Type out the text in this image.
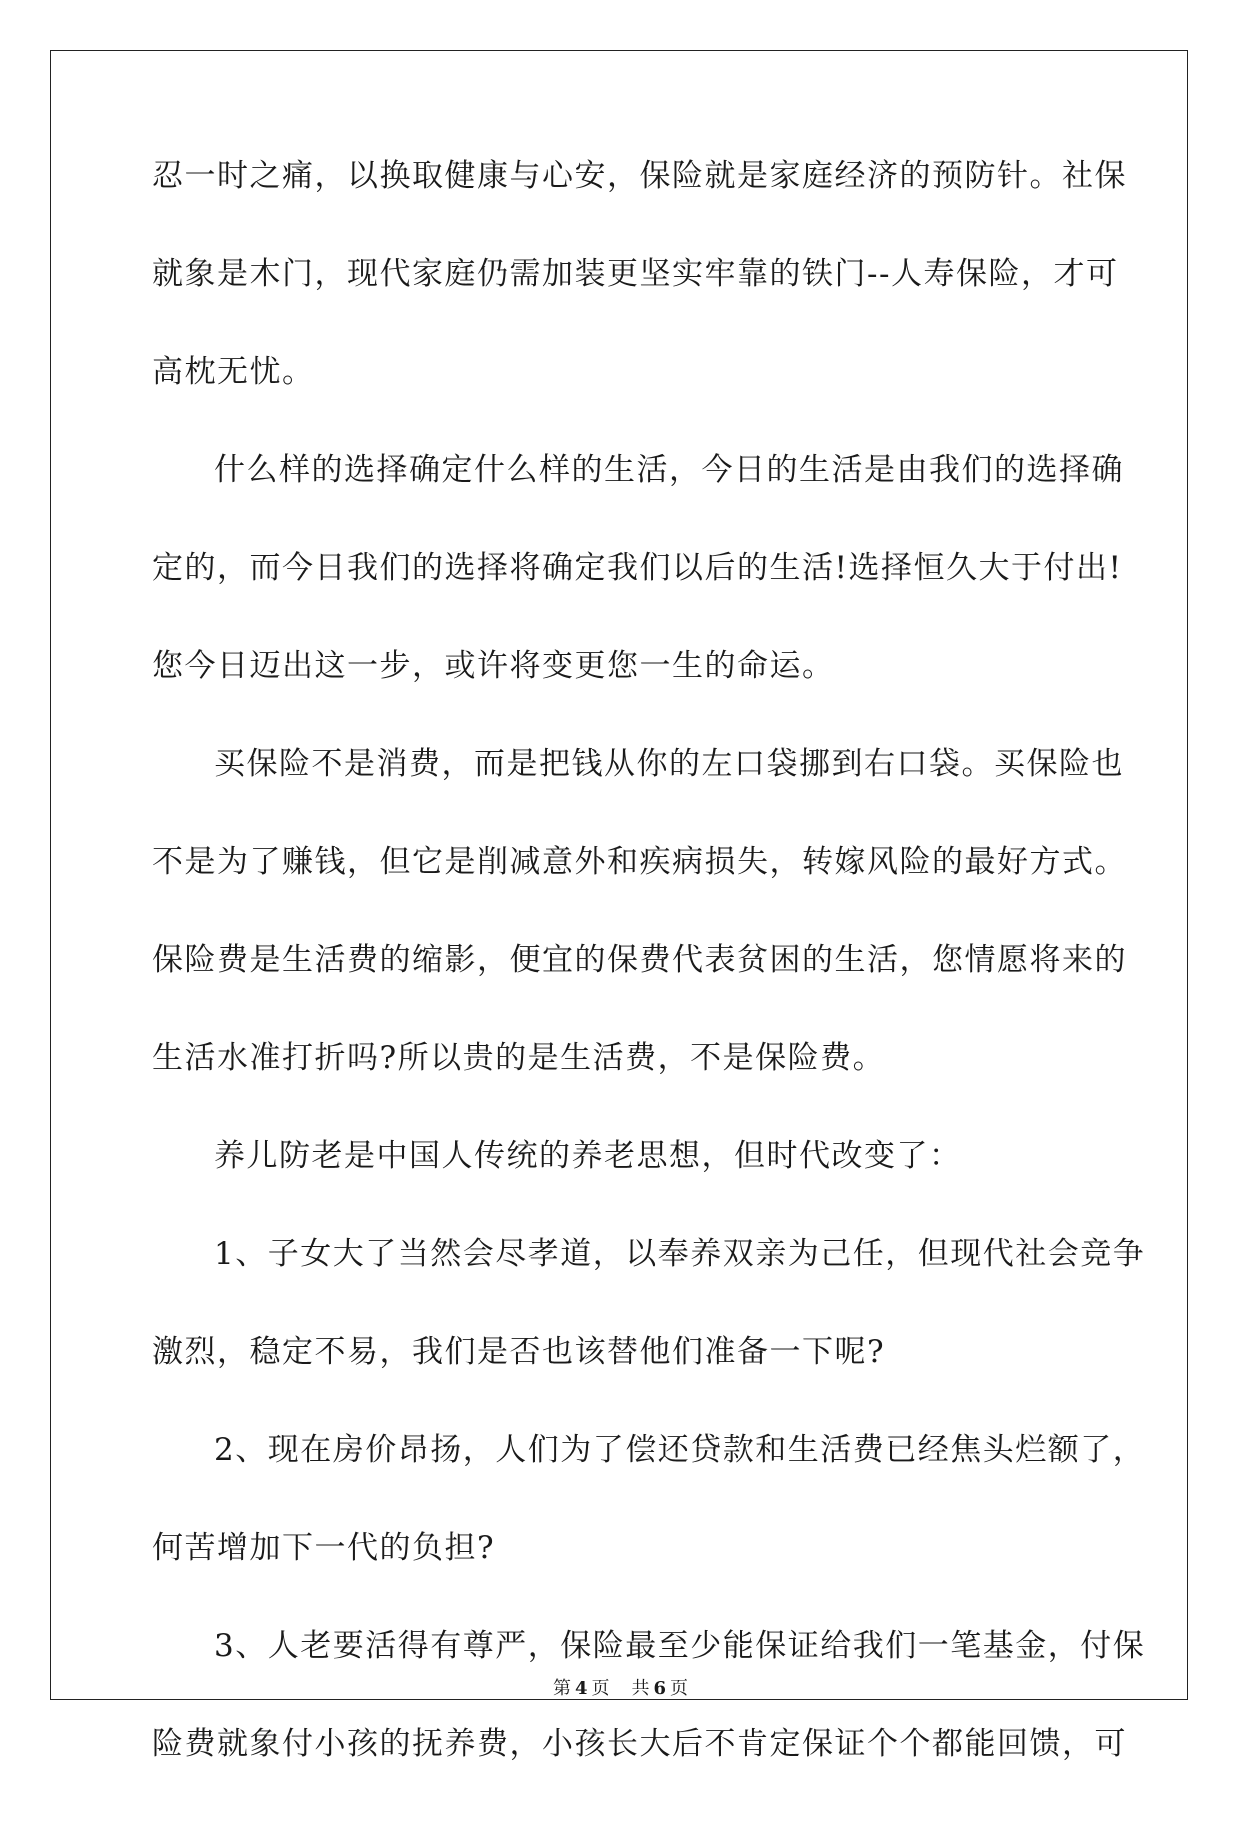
忍一时之痛，以换取健康与心安，保险就是家庭经济的预防针。社保
就象是木门，现代家庭仍需加装更坚实牢靠的铁门--人寿保险，才可
高枕无忧。
什么样的选择确定什么样的生活，今日的生活是由我们的选择确
定的，而今日我们的选择将确定我们以后的生活!选择恒久大于付出!
您今日迈出这一步，或许将变更您一生的命运。
买保险不是消费，而是把钱从你的左口袋挪到右口袋。买保险也
不是为了赚钱，但它是削减意外和疾病损失，转嫁风险的最好方式。
保险费是生活费的缩影，便宜的保费代表贫困的生活，您情愿将来的
生活水准打折吗?所以贵的是生活费，不是保险费。
养儿防老是中国人传统的养老思想，但时代改变了：
1、子女大了当然会尽孝道，以奉养双亲为己任，但现代社会竞争
激烈，稳定不易，我们是否也该替他们准备一下呢?
2、现在房价昂扬，人们为了偿还贷款和生活费已经焦头烂额了，
何苦增加下一代的负担?
3、人老要活得有尊严，保险最至少能保证给我们一笔基金，付保
险费就象付小孩的抚养费，小孩长大后不肯定保证个个都能回馈，可
第 4 页 共 6 页
